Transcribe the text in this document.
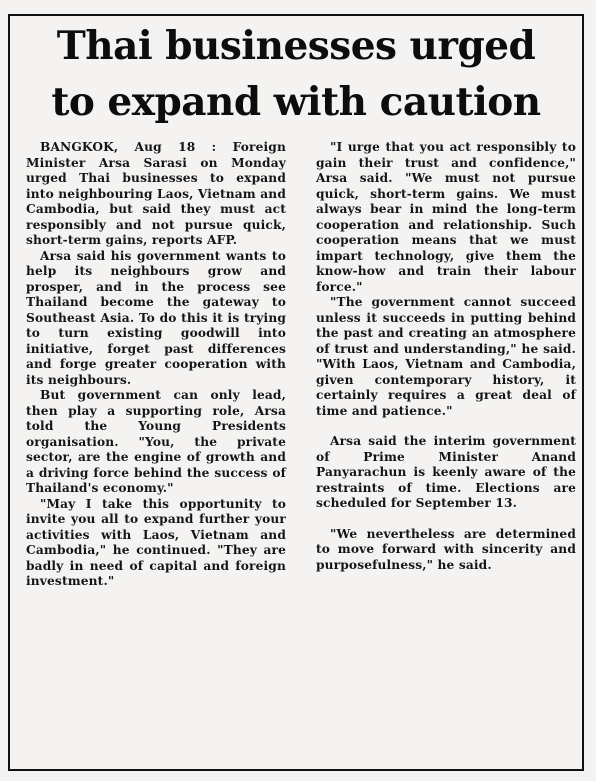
Thai businesses urged
to expand with caution

BANGKOK, Aug 18 : Foreign Minister Arsa Sarasi on Monday urged Thai businesses to expand into neighbouring Laos, Vietnam and Cambodia, but said they must act responsibly and not pursue quick, short-term gains, reports AFP.

Arsa said his government wants to help its neighbours grow and prosper, and in the process see Thailand become the gateway to Southeast Asia. To do this it is trying to turn existing goodwill into initiative, forget past differences and forge greater cooperation with its neighbours.

But government can only lead, then play a supporting role, Arsa told the Young Presidents organisation. "You, the private sector, are the engine of growth and a driving force behind the success of Thailand's economy."

"May I take this opportunity to invite you all to expand further your activities with Laos, Vietnam and Cambodia," he continued. "They are badly in need of capital and foreign investment."

"I urge that you act responsibly to gain their trust and confidence," Arsa said. "We must not pursue quick, short-term gains. We must always bear in mind the long-term cooperation and relationship. Such cooperation means that we must impart technology, give them the know-how and train their labour force."

"The government cannot succeed unless it succeeds in putting behind the past and creating an atmosphere of trust and understanding," he said. "With Laos, Vietnam and Cambodia, given contemporary history, it certainly requires a great deal of time and patience."

Arsa said the interim government of Prime Minister Anand Panyarachun is keenly aware of the restraints of time. Elections are scheduled for September 13.

"We nevertheless are determined to move forward with sincerity and purposefulness," he said.
